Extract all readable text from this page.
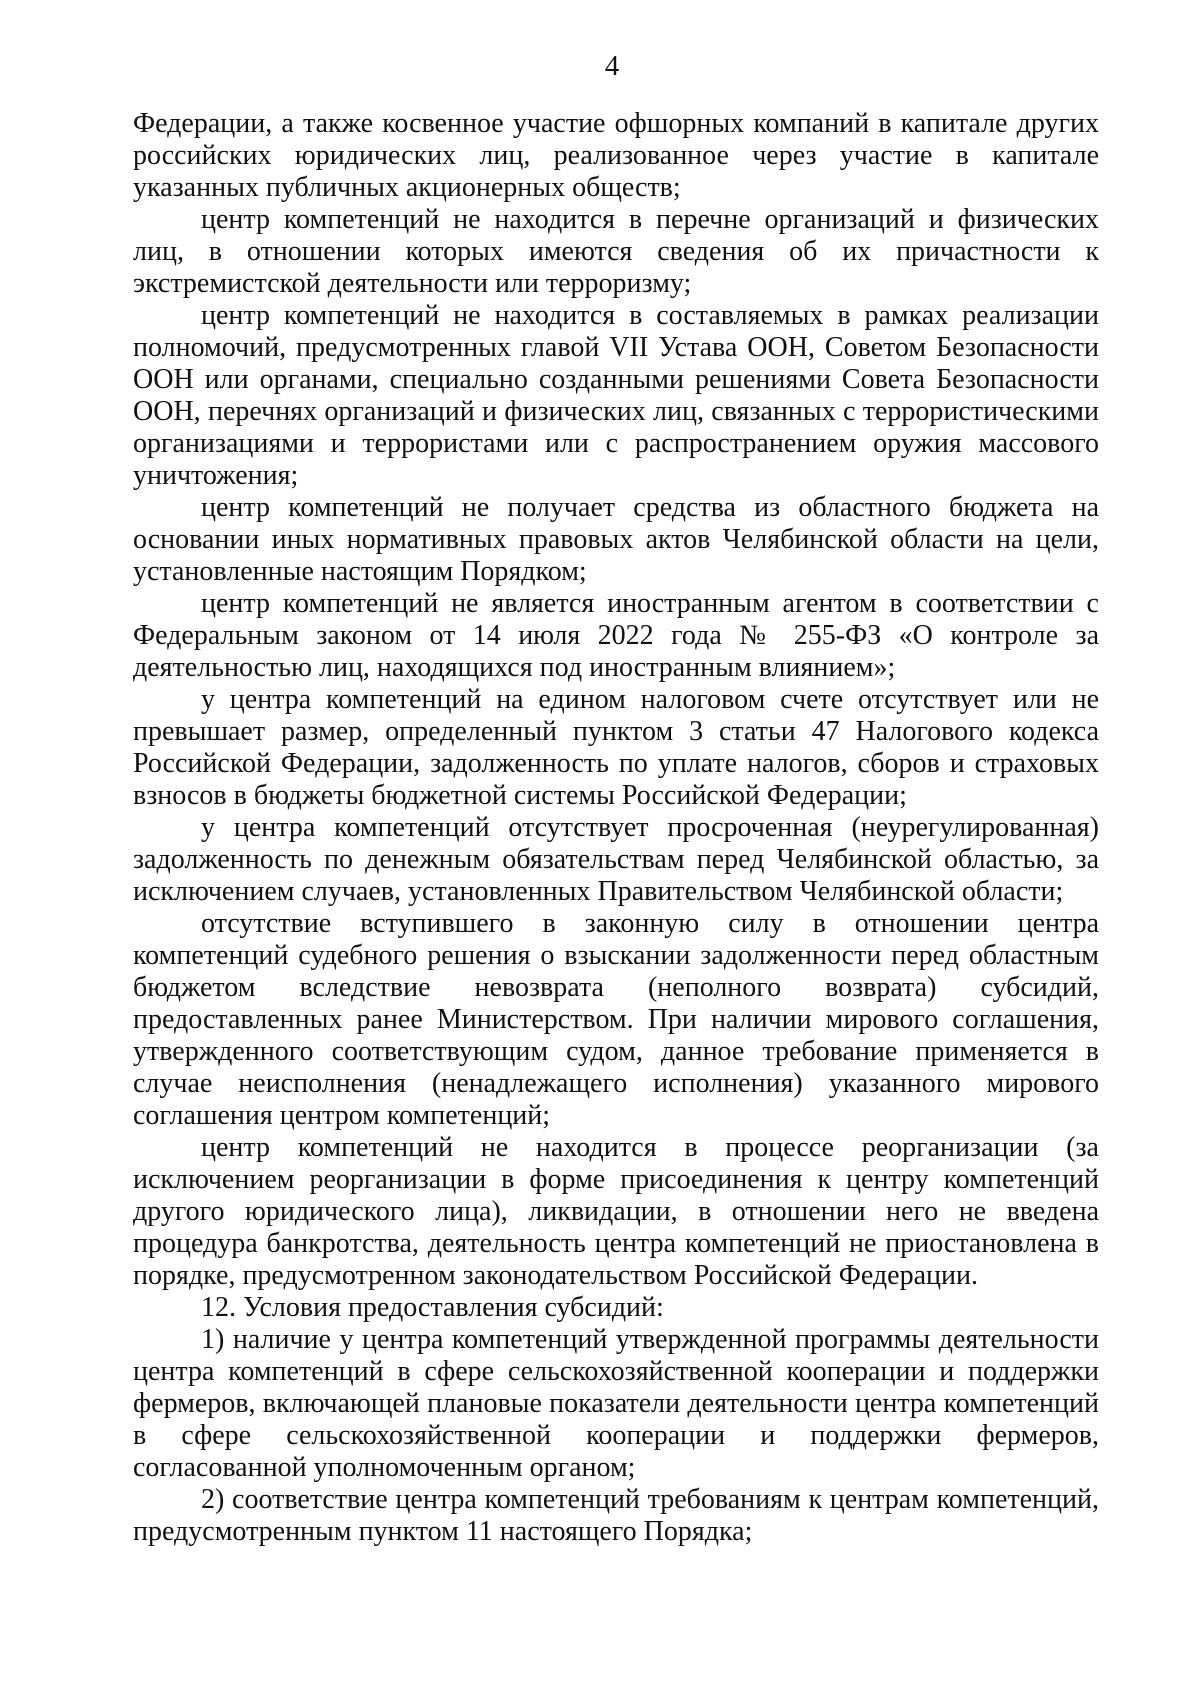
4

Федерации, а также косвенное участие офшорных компаний в капитале других российских юридических лиц, реализованное через участие в капитале указанных публичных акционерных обществ;

центр компетенций не находится в перечне организаций и физических лиц, в отношении которых имеются сведения об их причастности к экстремистской деятельности или терроризму;

центр компетенций не находится в составляемых в рамках реализации полномочий, предусмотренных главой VII Устава ООН, Советом Безопасности ООН или органами, специально созданными решениями Совета Безопасности ООН, перечнях организаций и физических лиц, связанных с террористическими организациями и террористами или с распространением оружия массового уничтожения;

центр компетенций не получает средства из областного бюджета на основании иных нормативных правовых актов Челябинской области на цели, установленные настоящим Порядком;

центр компетенций не является иностранным агентом в соответствии с Федеральным законом от 14 июля 2022 года № 255-ФЗ «О контроле за деятельностью лиц, находящихся под иностранным влиянием»;

у центра компетенций на едином налоговом счете отсутствует или не превышает размер, определенный пунктом 3 статьи 47 Налогового кодекса Российской Федерации, задолженность по уплате налогов, сборов и страховых взносов в бюджеты бюджетной системы Российской Федерации;

у центра компетенций отсутствует просроченная (неурегулированная) задолженность по денежным обязательствам перед Челябинской областью, за исключением случаев, установленных Правительством Челябинской области;

отсутствие вступившего в законную силу в отношении центра компетенций судебного решения о взыскании задолженности перед областным бюджетом вследствие невозврата (неполного возврата) субсидий, предоставленных ранее Министерством. При наличии мирового соглашения, утвержденного соответствующим судом, данное требование применяется в случае неисполнения (ненадлежащего исполнения) указанного мирового соглашения центром компетенций;

центр компетенций не находится в процессе реорганизации (за исключением реорганизации в форме присоединения к центру компетенций другого юридического лица), ликвидации, в отношении него не введена процедура банкротства, деятельность центра компетенций не приостановлена в порядке, предусмотренном законодательством Российской Федерации.

12. Условия предоставления субсидий:

1) наличие у центра компетенций утвержденной программы деятельности центра компетенций в сфере сельскохозяйственной кооперации и поддержки фермеров, включающей плановые показатели деятельности центра компетенций в сфере сельскохозяйственной кооперации и поддержки фермеров, согласованной уполномоченным органом;

2) соответствие центра компетенций требованиям к центрам компетенций, предусмотренным пунктом 11 настоящего Порядка;
